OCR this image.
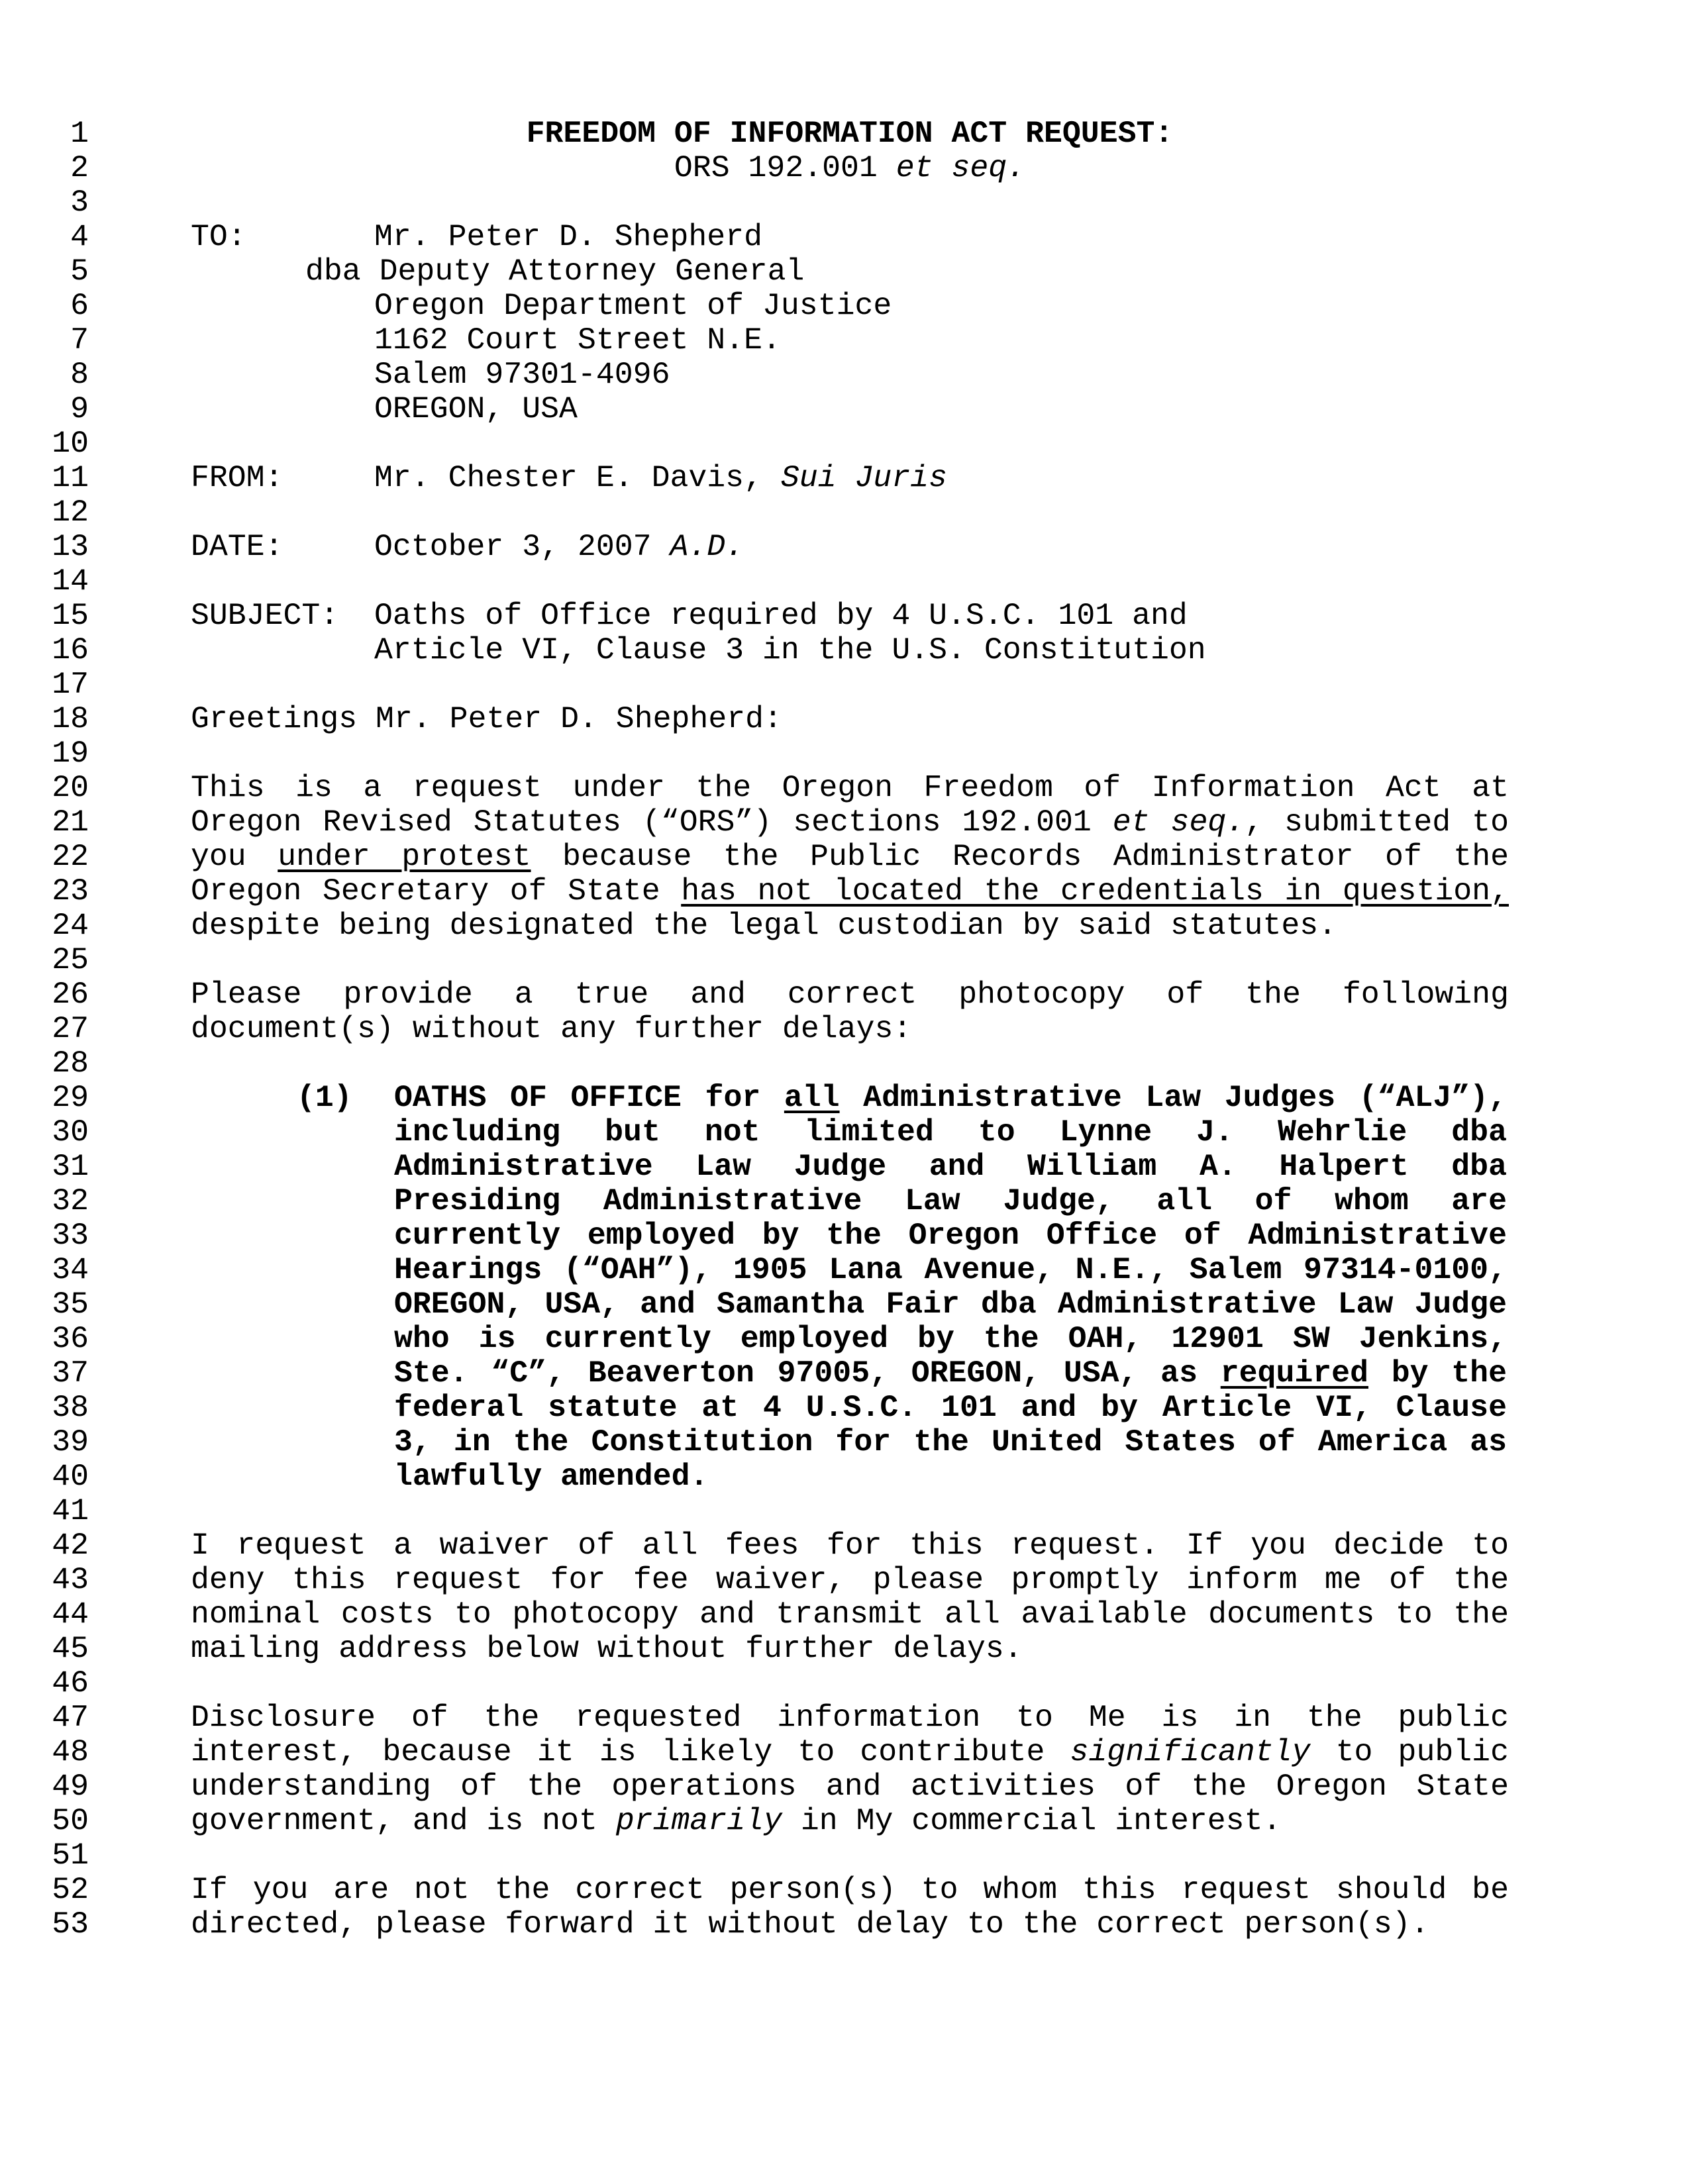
1
2
3
4
5
6
7
8
9
10
11
12
13
14
15
16
17
18
19
20
21
22
23
24
25
26
27
28
29
30
31
32
33
34
35
36
37
38
39
40
41
42
43
44
45
46
47
48
49
50
51
52
53
FREEDOM OF INFORMATION ACT REQUEST:
ORS 192.001 et seq.
TO:	Mr. Peter D. Shepherd
dba Deputy Attorney General
Oregon Department of Justice
1162 Court Street N.E.
Salem 97301-4096
OREGON, USA
FROM:	Mr. Chester E. Davis, Sui Juris
DATE:	October 3, 2007 A.D.
SUBJECT: Oaths of Office required by 4 U.S.C. 101 and
Article VI, Clause 3 in the U.S. Constitution
Greetings Mr. Peter D. Shepherd:
This is a request under the Oregon Freedom of Information Act at
Oregon Revised Statutes (“ORS”) sections 192.001 et seq., submitted to
you under protest because the Public Records Administrator of the
Oregon Secretary of State has not located the credentials in question,
despite being designated the legal custodian by said statutes.
Please provide a true and correct photocopy of the following
document(s) without any further delays:
(1) OATHS OF OFFICE for all Administrative Law Judges (“ALJ”),
including but not limited to Lynne J. Wehrlie dba
Administrative Law Judge and William A. Halpert dba
Presiding Administrative Law Judge, all of whom are
currently employed by the Oregon Office of Administrative
Hearings (“OAH”), 1905 Lana Avenue, N.E., Salem 97314-0100,
OREGON, USA, and Samantha Fair dba Administrative Law Judge
who is currently employed by the OAH, 12901 SW Jenkins,
Ste. “C”, Beaverton 97005, OREGON, USA, as required by the
federal statute at 4 U.S.C. 101 and by Article VI, Clause
3, in the Constitution for the United States of America as
lawfully amended.
I request a waiver of all fees for this request. If you decide to
deny this request for fee waiver, please promptly inform me of the
nominal costs to photocopy and transmit all available documents to the
mailing address below without further delays.
Disclosure of the requested information to Me is in the public
interest, because it is likely to contribute significantly to public
understanding of the operations and activities of the Oregon State
government, and is not primarily in My commercial interest.
If you are not the correct person(s) to whom this request should be
directed, please forward it without delay to the correct person(s).
